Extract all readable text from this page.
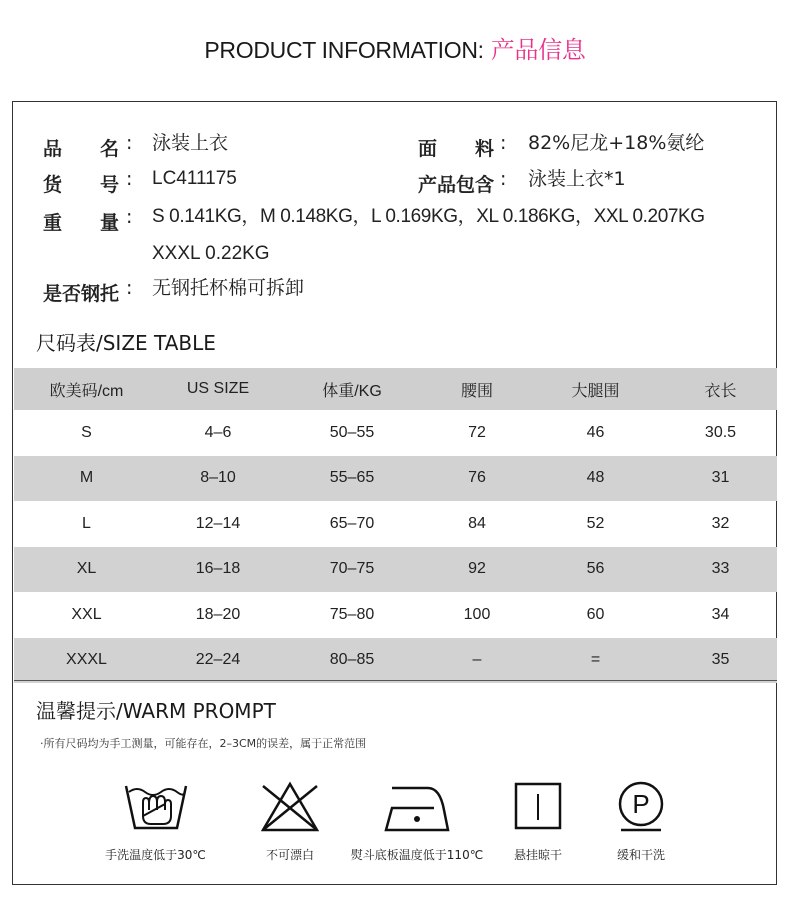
PRODUCT INFORMATION: 产品信息
品　　名 : 泳装上衣	面　　料 : 82%尼龙+18%氨纶
货　　号 : LC411175	产品包含 : 泳装上衣*1
重　　量 : S 0.141KG，M 0.148KG，L 0.169KG，XL 0.186KG，XXL 0.207KG
XXXL 0.22KG
是否钢托 : 无钢托杯棉可拆卸
尺码表/SIZE TABLE
欧美码/cm	US SIZE	体重/KG	腰围	大腿围	衣长
S	4–6	50–55	72	46	30.5
M	8–10	55–65	76	48	31
L	12–14	65–70	84	52	32
XL	16–18	70–75	92	56	33
XXL	18–20	75–80	100	60	34
XXXL	22–24	80–85	–	=	35
温馨提示/WARM PROMPT
·所有尺码均为手工测量，可能存在，2–3CM的误差，属于正常范围
手洗温度低于30℃	不可漂白	熨斗底板温度低于110℃	悬挂晾干
P
缓和干洗
